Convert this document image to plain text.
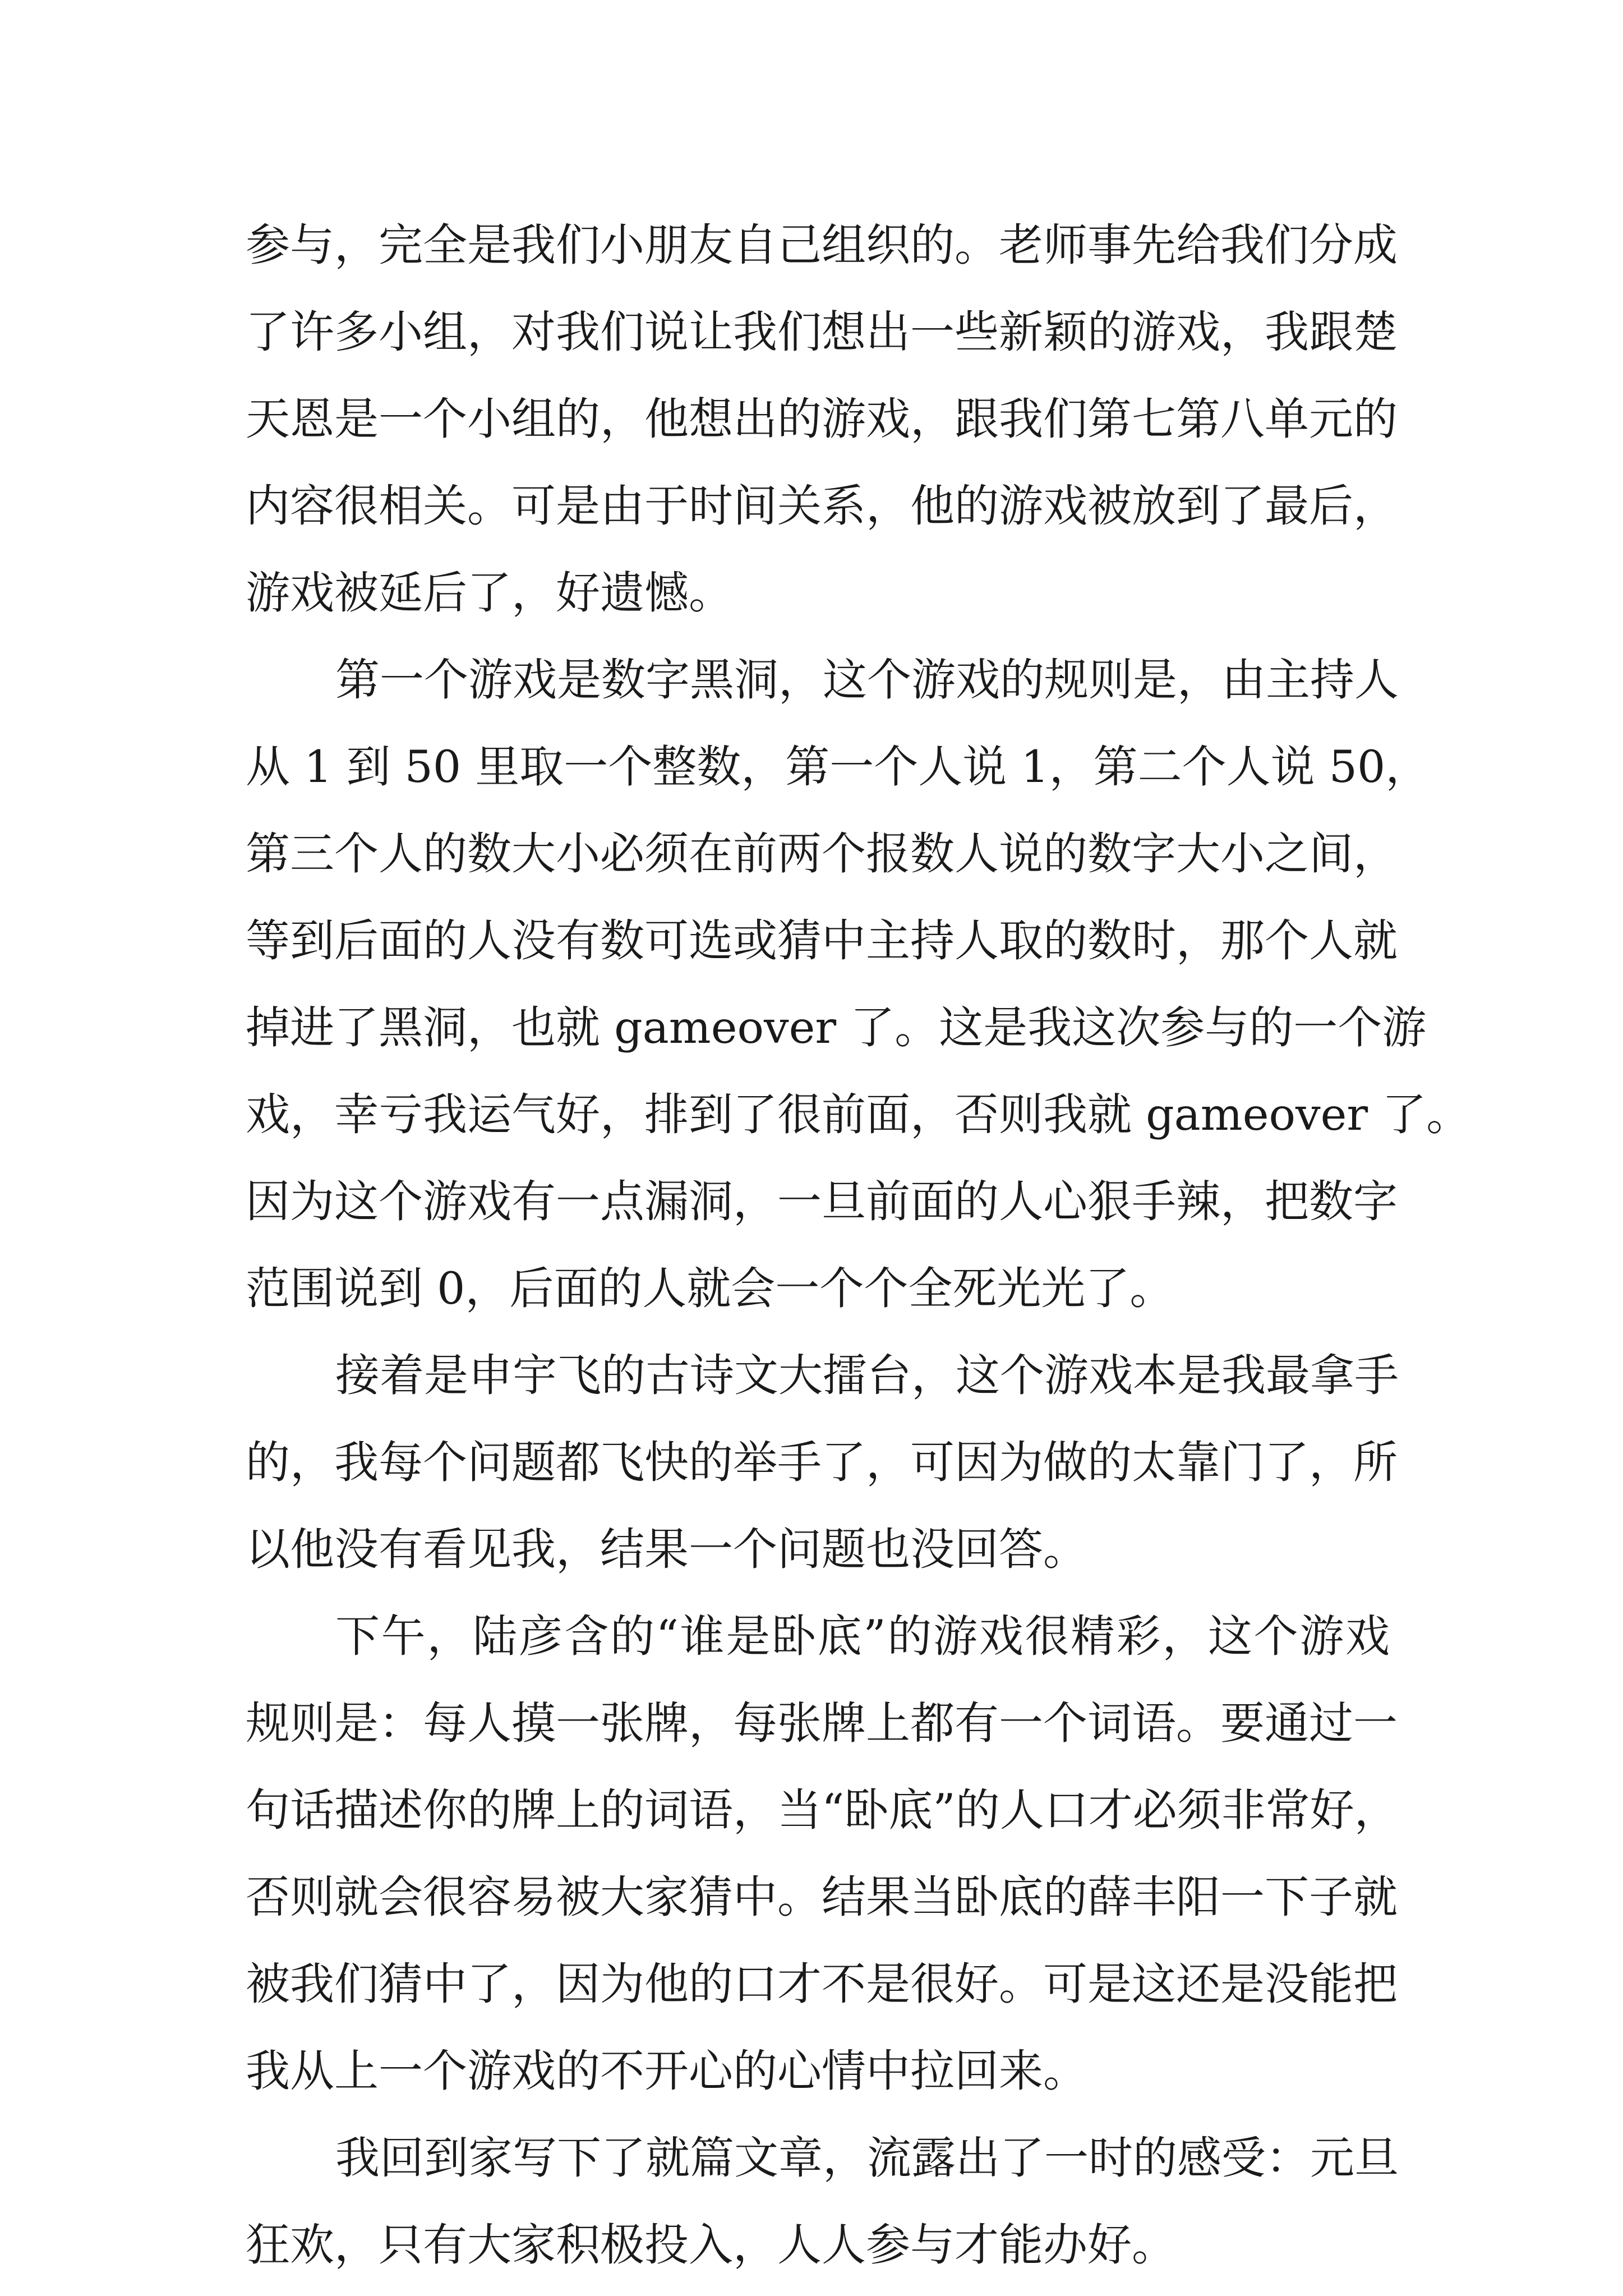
参与，完全是我们小朋友自己组织的。老师事先给我们分成
了许多小组，对我们说让我们想出一些新颖的游戏，我跟楚
天恩是一个小组的，他想出的游戏，跟我们第七第八单元的
内容很相关。可是由于时间关系，他的游戏被放到了最后，
游戏被延后了，好遗憾。
第一个游戏是数字黑洞，这个游戏的规则是，由主持人
从 1 到 50 里取一个整数，第一个人说 1，第二个人说 50，
第三个人的数大小必须在前两个报数人说的数字大小之间，
等到后面的人没有数可选或猜中主持人取的数时，那个人就
掉进了黑洞，也就 gameover 了。这是我这次参与的一个游
戏，幸亏我运气好，排到了很前面，否则我就 gameover 了。
因为这个游戏有一点漏洞，一旦前面的人心狠手辣，把数字
范围说到 0，后面的人就会一个个全死光光了。
接着是申宇飞的古诗文大擂台，这个游戏本是我最拿手
的，我每个问题都飞快的举手了，可因为做的太靠门了，所
以他没有看见我，结果一个问题也没回答。
下午，陆彦含的“谁是卧底”的游戏很精彩，这个游戏
规则是：每人摸一张牌，每张牌上都有一个词语。要通过一
句话描述你的牌上的词语，当“卧底”的人口才必须非常好，
否则就会很容易被大家猜中。结果当卧底的薛丰阳一下子就
被我们猜中了，因为他的口才不是很好。可是这还是没能把
我从上一个游戏的不开心的心情中拉回来。
我回到家写下了就篇文章，流露出了一时的感受：元旦
狂欢，只有大家积极投入，人人参与才能办好。
